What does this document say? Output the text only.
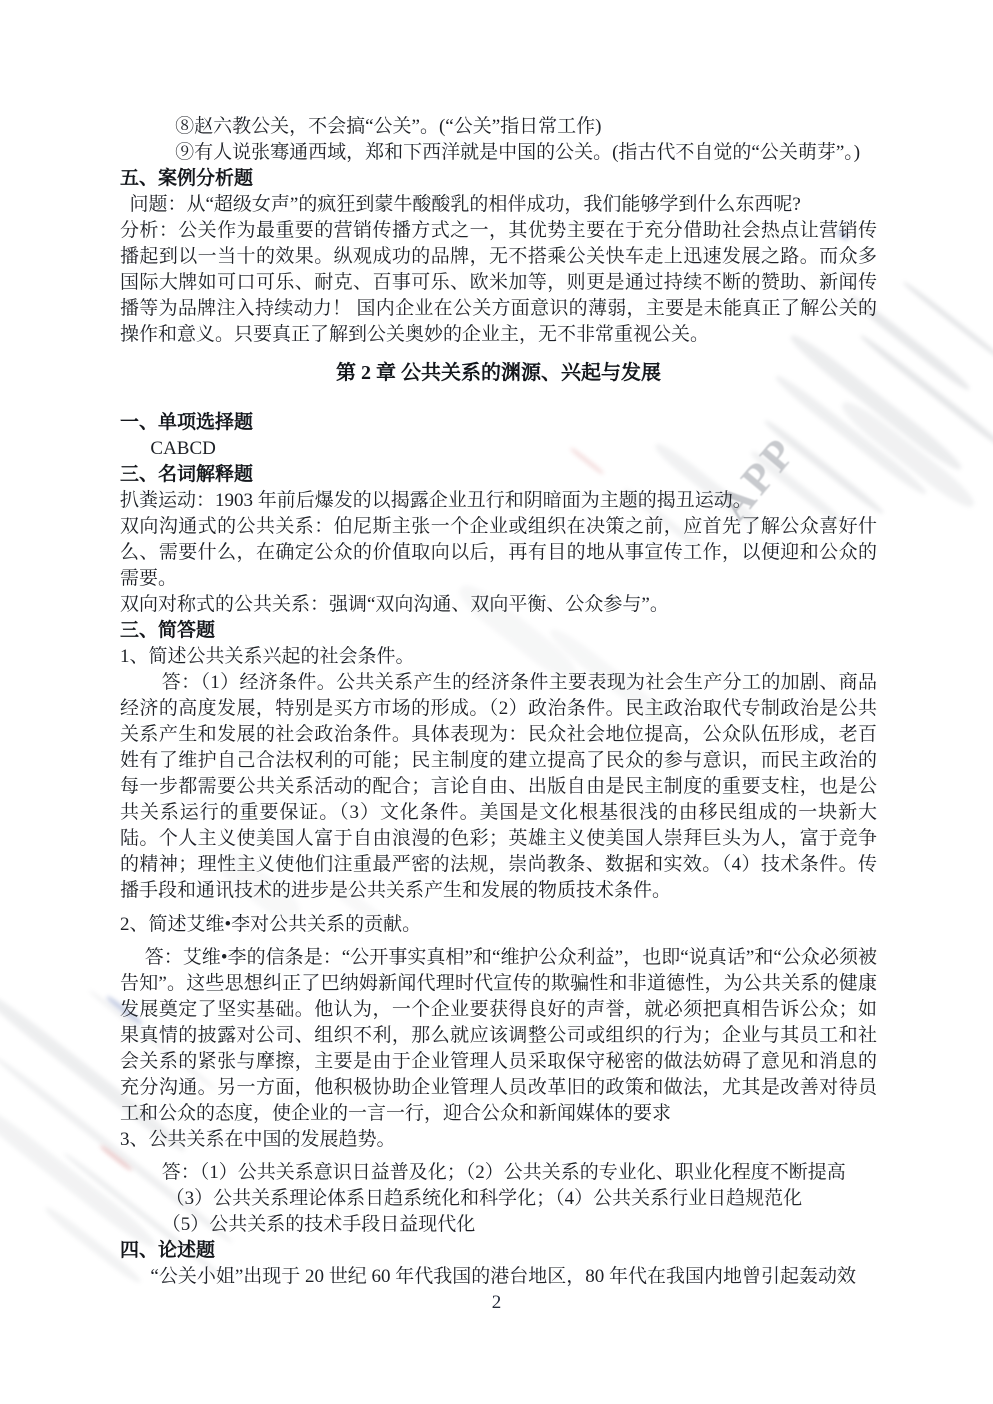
APP
⑧赵六教公关，不会搞“公关”。(“公关”指日常工作)
⑨有人说张骞通西域，郑和下西洋就是中国的公关。(指古代不自觉的“公关萌芽”。)
五、案例分析题
问题：从“超级女声”的疯狂到蒙牛酸酸乳的相伴成功，我们能够学到什么东西呢?
分析：公关作为最重要的营销传播方式之一，其优势主要在于充分借助社会热点让营销传播起到以一当十的效果。纵观成功的品牌，无不搭乘公关快车走上迅速发展之路。而众多国际大牌如可口可乐、耐克、百事可乐、欧米加等，则更是通过持续不断的赞助、新闻传播等为品牌注入持续动力！ 国内企业在公关方面意识的薄弱，主要是未能真正了解公关的操作和意义。只要真正了解到公关奥妙的企业主，无不非常重视公关。
第 2 章 公共关系的渊源、兴起与发展
一、单项选择题
CABCD
三、名词解释题
扒粪运动：1903 年前后爆发的以揭露企业丑行和阴暗面为主题的揭丑运动。
双向沟通式的公共关系：伯尼斯主张一个企业或组织在决策之前，应首先了解公众喜好什么、需要什么，在确定公众的价值取向以后，再有目的地从事宣传工作，以便迎和公众的需要。
双向对称式的公共关系：强调“双向沟通、双向平衡、公众参与”。
三、简答题
1、简述公共关系兴起的社会条件。
答：（1）经济条件。公共关系产生的经济条件主要表现为社会生产分工的加剧、商品经济的高度发展，特别是买方市场的形成。（2）政治条件。民主政治取代专制政治是公共关系产生和发展的社会政治条件。具体表现为：民众社会地位提高，公众队伍形成，老百姓有了维护自己合法权利的可能；民主制度的建立提高了民众的参与意识，而民主政治的每一步都需要公共关系活动的配合；言论自由、出版自由是民主制度的重要支柱，也是公共关系运行的重要保证。（3）文化条件。美国是文化根基很浅的由移民组成的一块新大陆。个人主义使美国人富于自由浪漫的色彩；英雄主义使美国人崇拜巨头为人，富于竞争的精神；理性主义使他们注重最严密的法规，崇尚教条、数据和实效。（4）技术条件。传播手段和通讯技术的进步是公共关系产生和发展的物质技术条件。
2、简述艾维•李对公共关系的贡献。
答：艾维•李的信条是：“公开事实真相”和“维护公众利益”，也即“说真话”和“公众必须被告知”。这些思想纠正了巴纳姆新闻代理时代宣传的欺骗性和非道德性，为公共关系的健康发展奠定了坚实基础。他认为，一个企业要获得良好的声誉，就必须把真相告诉公众；如果真情的披露对公司、组织不利，那么就应该调整公司或组织的行为；企业与其员工和社会关系的紧张与摩擦，主要是由于企业管理人员采取保守秘密的做法妨碍了意见和消息的充分沟通。另一方面，他积极协助企业管理人员改革旧的政策和做法，尤其是改善对待员工和公众的态度，使企业的一言一行，迎合公众和新闻媒体的要求
3、公共关系在中国的发展趋势。
答：（1）公共关系意识日益普及化；（2）公共关系的专业化、职业化程度不断提高
（3）公共关系理论体系日趋系统化和科学化；（4）公共关系行业日趋规范化
（5）公共关系的技术手段日益现代化
四、论述题
“公关小姐”出现于 20 世纪 60 年代我国的港台地区，80 年代在我国内地曾引起轰动效
2
